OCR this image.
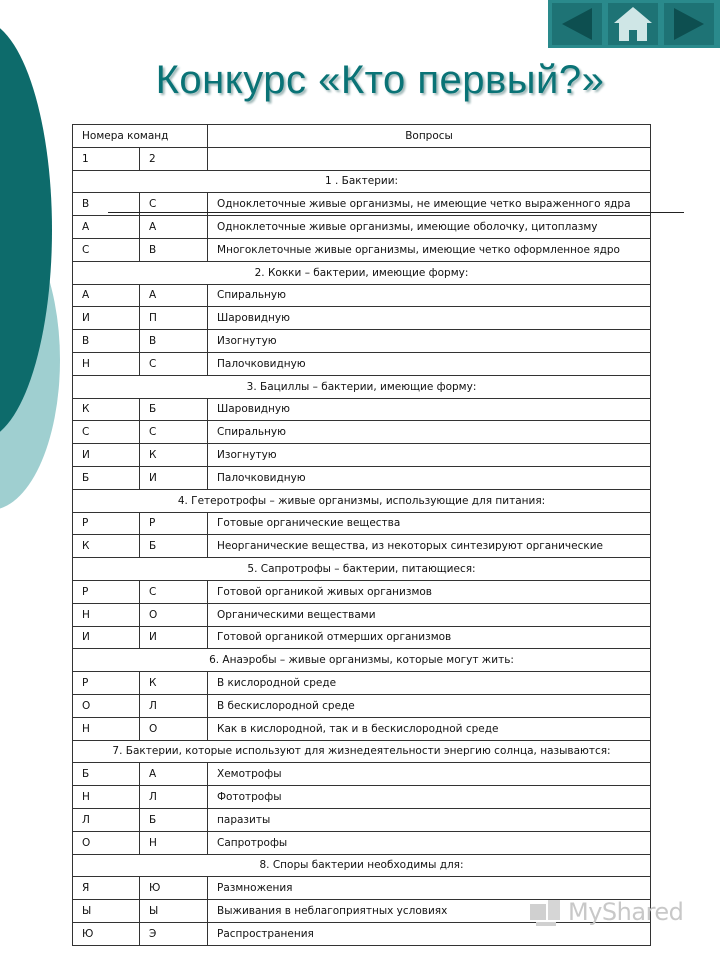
Конкурс «Кто первый?»
Номера команд		Вопросы
1	2	
1 . Бактерии:		
В	С	Одноклеточные живые организмы, не имеющие четко выраженного ядра
А	А	Одноклеточные живые организмы, имеющие оболочку, цитоплазму
С	В	Многоклеточные живые организмы, имеющие четко оформленное ядро
2. Кокки – бактерии, имеющие форму:		
А	А	Спиральную
И	П	Шаровидную
В	В	Изогнутую
Н	С	Палочковидную
3. Бациллы – бактерии, имеющие форму:		
К	Б	Шаровидную
С	С	Спиральную
И	К	Изогнутую
Б	И	Палочковидную
4. Гетеротрофы – живые организмы, использующие для питания:		
Р	Р	Готовые органические вещества
К	Б	Неорганические вещества, из некоторых синтезируют органические
5. Сапротрофы – бактерии, питающиеся:		
Р	С	Готовой органикой живых организмов
Н	О	Органическими веществами
И	И	Готовой органикой отмерших организмов
6. Анаэробы – живые организмы, которые могут жить:		
Р	К	В кислородной среде
О	Л	В бескислородной среде
Н	О	Как в кислородной, так и в бескислородной среде
7. Бактерии, которые используют для жизнедеятельности энергию солнца, называются:		
Б	А	Хемотрофы
Н	Л	Фототрофы
Л	Б	паразиты
О	Н	Сапротрофы
8. Споры бактерии необходимы для:		
Я	Ю	Размножения
Ы	Ы	Выживания в неблагоприятных условиях
Ю	Э	Распространения
MyShared
